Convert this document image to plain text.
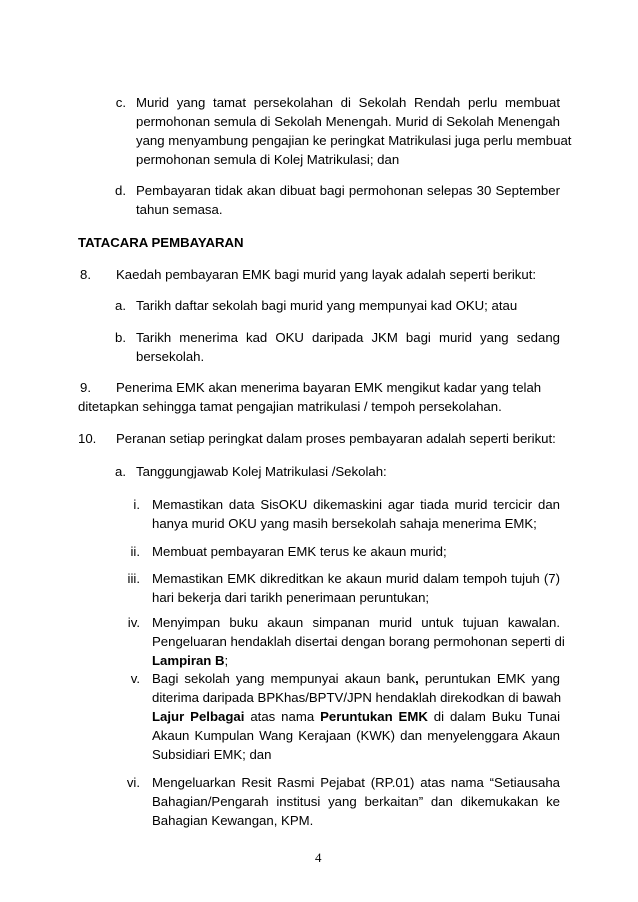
c. Murid yang tamat persekolahan di Sekolah Rendah perlu membuat
permohonan semula di Sekolah Menengah. Murid di Sekolah Menengah
yang menyambung pengajian ke peringkat Matrikulasi juga perlu membuat
permohonan semula di Kolej Matrikulasi; dan
d. Pembayaran tidak akan dibuat bagi permohonan selepas 30 September
tahun semasa.
TATACARA PEMBAYARAN
8. Kaedah pembayaran EMK bagi murid yang layak adalah seperti berikut:
a. Tarikh daftar sekolah bagi murid yang mempunyai kad OKU; atau
b. Tarikh menerima kad OKU daripada JKM bagi murid yang sedang
bersekolah.
9. Penerima EMK akan menerima bayaran EMK mengikut kadar yang telah
ditetapkan sehingga tamat pengajian matrikulasi / tempoh persekolahan.
10. Peranan setiap peringkat dalam proses pembayaran adalah seperti berikut:
a. Tanggungjawab Kolej Matrikulasi /Sekolah:
i. Memastikan data SisOKU dikemaskini agar tiada murid tercicir dan
hanya murid OKU yang masih bersekolah sahaja menerima EMK;
ii. Membuat pembayaran EMK terus ke akaun murid;
iii. Memastikan EMK dikreditkan ke akaun murid dalam tempoh tujuh (7)
hari bekerja dari tarikh penerimaan peruntukan;
iv. Menyimpan buku akaun simpanan murid untuk tujuan kawalan.
Pengeluaran hendaklah disertai dengan borang permohonan seperti di
Lampiran B;
v. Bagi sekolah yang mempunyai akaun bank, peruntukan EMK yang
diterima daripada BPKhas/BPTV/JPN hendaklah direkodkan di bawah
Lajur Pelbagai atas nama Peruntukan EMK di dalam Buku Tunai
Akaun Kumpulan Wang Kerajaan (KWK) dan menyelenggara Akaun
Subsidiari EMK; dan
vi. Mengeluarkan Resit Rasmi Pejabat (RP.01) atas nama “Setiausaha
Bahagian/Pengarah institusi yang berkaitan” dan dikemukakan ke
Bahagian Kewangan, KPM.
4
